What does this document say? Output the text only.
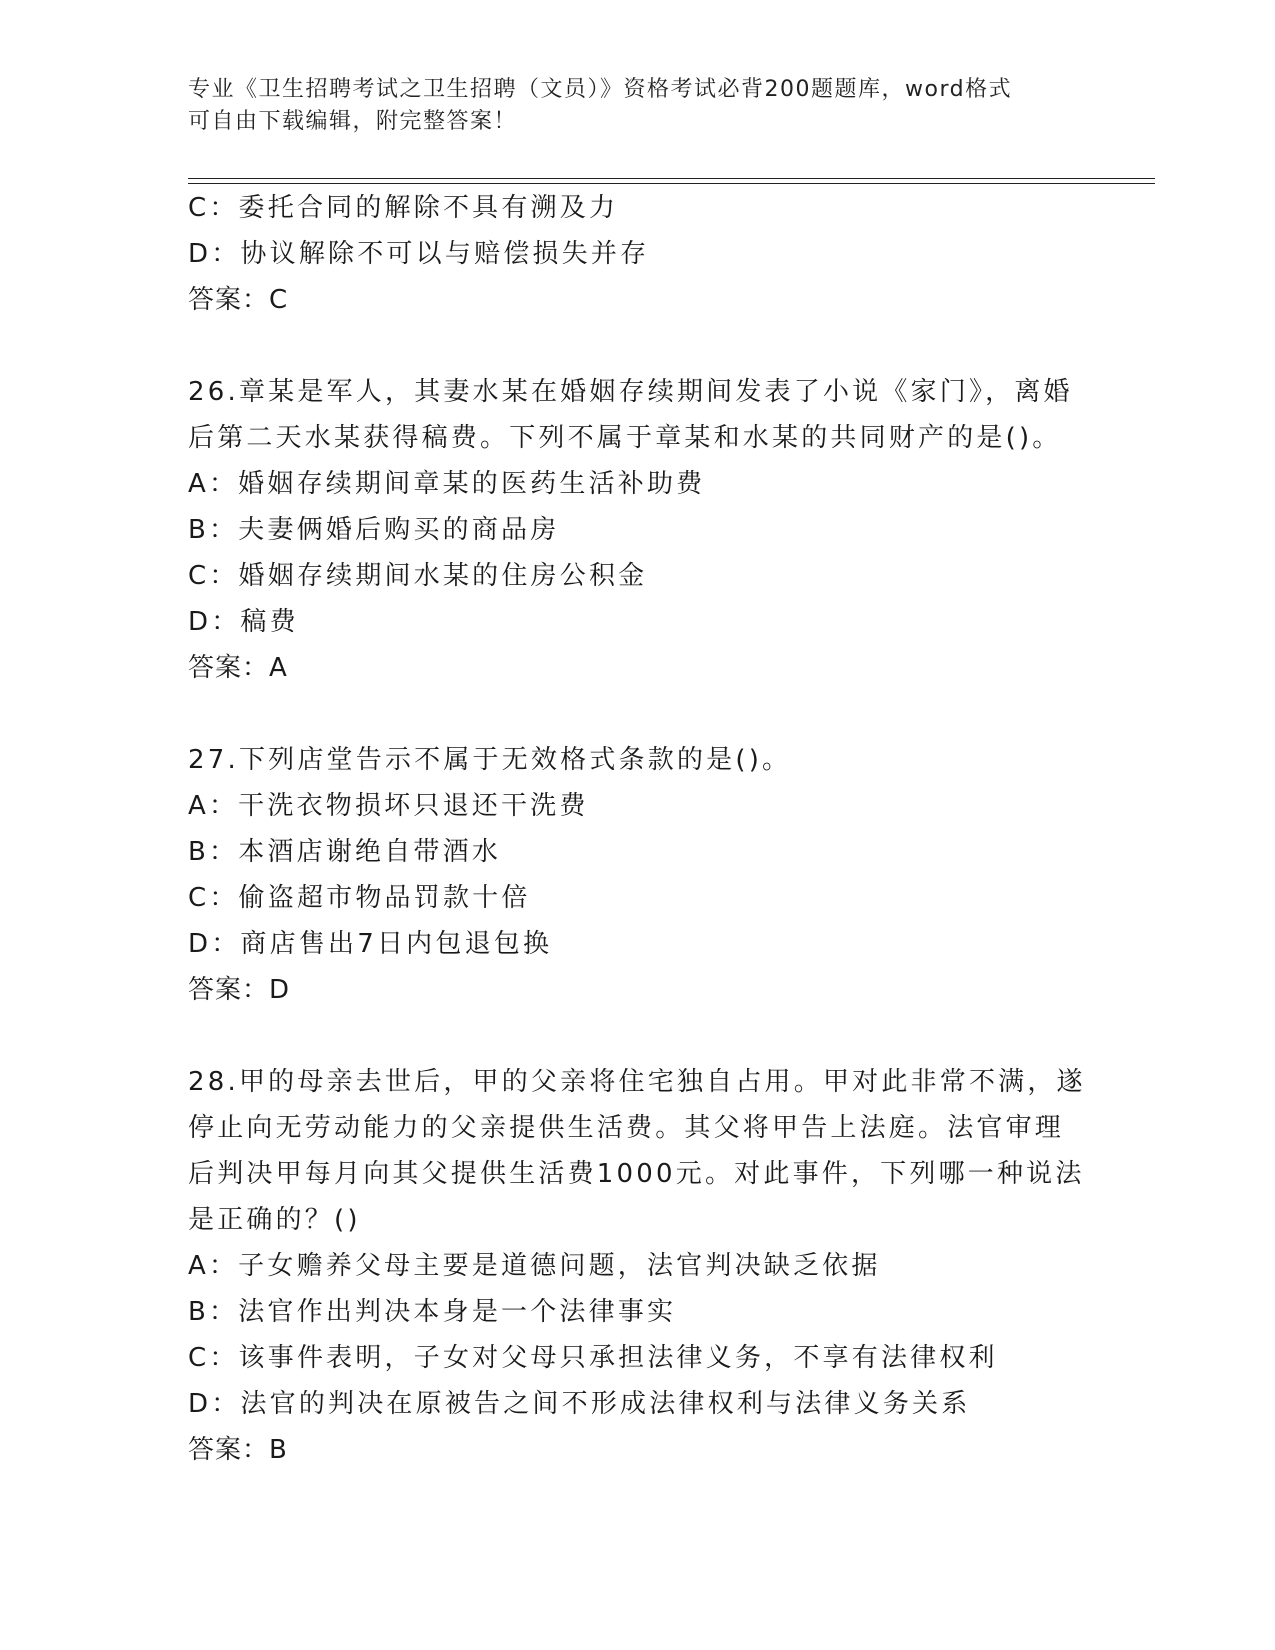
专业《卫生招聘考试之卫生招聘（文员）》资格考试必背200题题库，word格式
可自由下载编辑，附完整答案！
C：委托合同的解除不具有溯及力
D：协议解除不可以与赔偿损失并存
答案：C
26.章某是军人，其妻水某在婚姻存续期间发表了小说《家门》，离婚
后第二天水某获得稿费。下列不属于章某和水某的共同财产的是()。
A：婚姻存续期间章某的医药生活补助费
B：夫妻俩婚后购买的商品房
C：婚姻存续期间水某的住房公积金
D：稿费
答案：A
27.下列店堂告示不属于无效格式条款的是()。
A：干洗衣物损坏只退还干洗费
B：本酒店谢绝自带酒水
C：偷盗超市物品罚款十倍
D：商店售出7日内包退包换
答案：D
28.甲的母亲去世后，甲的父亲将住宅独自占用。甲对此非常不满，遂
停止向无劳动能力的父亲提供生活费。其父将甲告上法庭。法官审理
后判决甲每月向其父提供生活费1000元。对此事件，下列哪一种说法
是正确的？()
A：子女赡养父母主要是道德问题，法官判决缺乏依据
B：法官作出判决本身是一个法律事实
C：该事件表明，子女对父母只承担法律义务，不享有法律权利
D：法官的判决在原被告之间不形成法律权利与法律义务关系
答案：B
